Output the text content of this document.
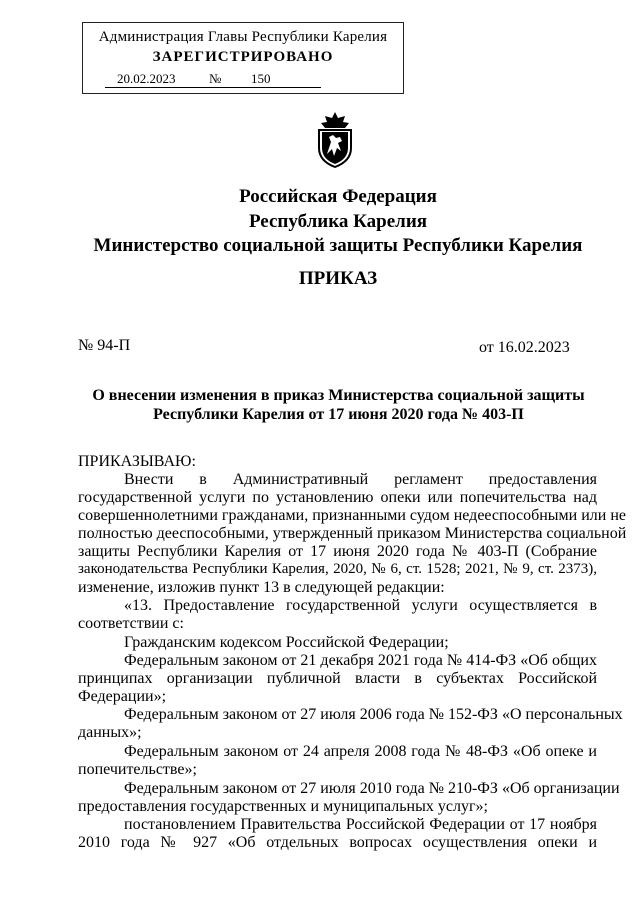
Администрация Главы Республики Карелия
ЗАРЕГИСТРИРОВАНО
20.02.2023	№ 150
Российская Федерация
Республика Карелия
Министерство социальной защиты Республики Карелия
ПРИКАЗ
№ 94-П	от 16.02.2023
О внесении изменения в приказ Министерства социальной защиты
Республики Карелия от 17 июня 2020 года № 403-П
ПРИКАЗЫВАЮ:
Внести в Административный регламент предоставления
государственной услуги по установлению опеки или попечительства над
совершеннолетними гражданами, признанными судом недееспособными или не
полностью дееспособными, утвержденный приказом Министерства социальной
защиты Республики Карелия от 17 июня 2020 года № 403-П (Собрание
законодательства Республики Карелия, 2020, № 6, ст. 1528; 2021, № 9, ст. 2373),
изменение, изложив пункт 13 в следующей редакции:
«13. Предоставление государственной услуги осуществляется в
соответствии с:
Гражданским кодексом Российской Федерации;
Федеральным законом от 21 декабря 2021 года № 414-ФЗ «Об общих
принципах организации публичной власти в субъектах Российской
Федерации»;
Федеральным законом от 27 июля 2006 года № 152-ФЗ «О персональных
данных»;
Федеральным законом от 24 апреля 2008 года № 48-ФЗ «Об опеке и
попечительстве»;
Федеральным законом от 27 июля 2010 года № 210-ФЗ «Об организации
предоставления государственных и муниципальных услуг»;
постановлением Правительства Российской Федерации от 17 ноября
2010 года № 927 «Об отдельных вопросах осуществления опеки и
